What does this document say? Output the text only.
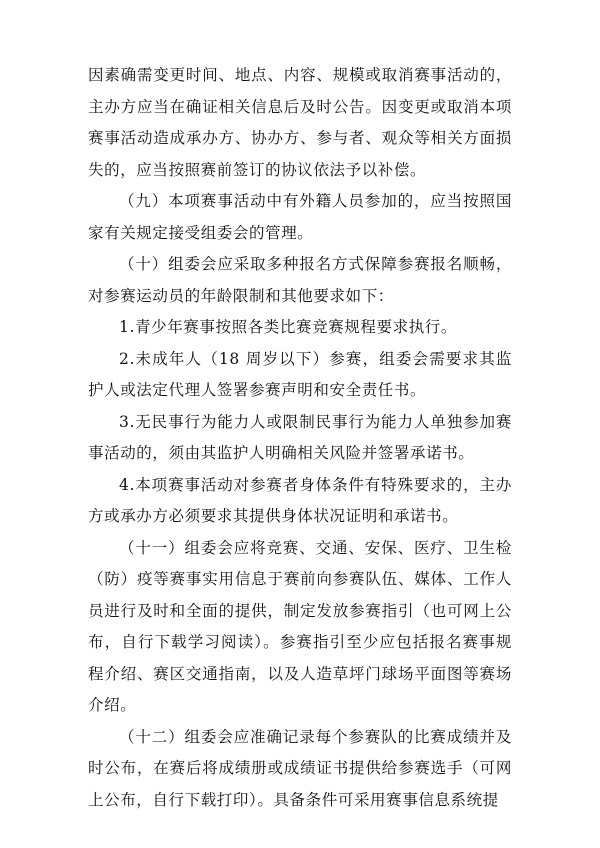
因素确需变更时间、地点、内容、规模或取消赛事活动的，主办方应当在确证相关信息后及时公告。因变更或取消本项赛事活动造成承办方、协办方、参与者、观众等相关方面损失的，应当按照赛前签订的协议依法予以补偿。

（九）本项赛事活动中有外籍人员参加的，应当按照国家有关规定接受组委会的管理。

（十）组委会应采取多种报名方式保障参赛报名顺畅，对参赛运动员的年龄限制和其他要求如下：

1.青少年赛事按照各类比赛竞赛规程要求执行。

2.未成年人（18 周岁以下）参赛，组委会需要求其监护人或法定代理人签署参赛声明和安全责任书。

3.无民事行为能力人或限制民事行为能力人单独参加赛事活动的，须由其监护人明确相关风险并签署承诺书。

4.本项赛事活动对参赛者身体条件有特殊要求的，主办方或承办方必须要求其提供身体状况证明和承诺书。

（十一）组委会应将竞赛、交通、安保、医疗、卫生检（防）疫等赛事实用信息于赛前向参赛队伍、媒体、工作人员进行及时和全面的提供，制定发放参赛指引（也可网上公布，自行下载学习阅读）。参赛指引至少应包括报名赛事规程介绍、赛区交通指南，以及人造草坪门球场平面图等赛场介绍。

（十二）组委会应准确记录每个参赛队的比赛成绩并及时公布，在赛后将成绩册或成绩证书提供给参赛选手（可网上公布，自行下载打印）。具备条件可采用赛事信息系统提
